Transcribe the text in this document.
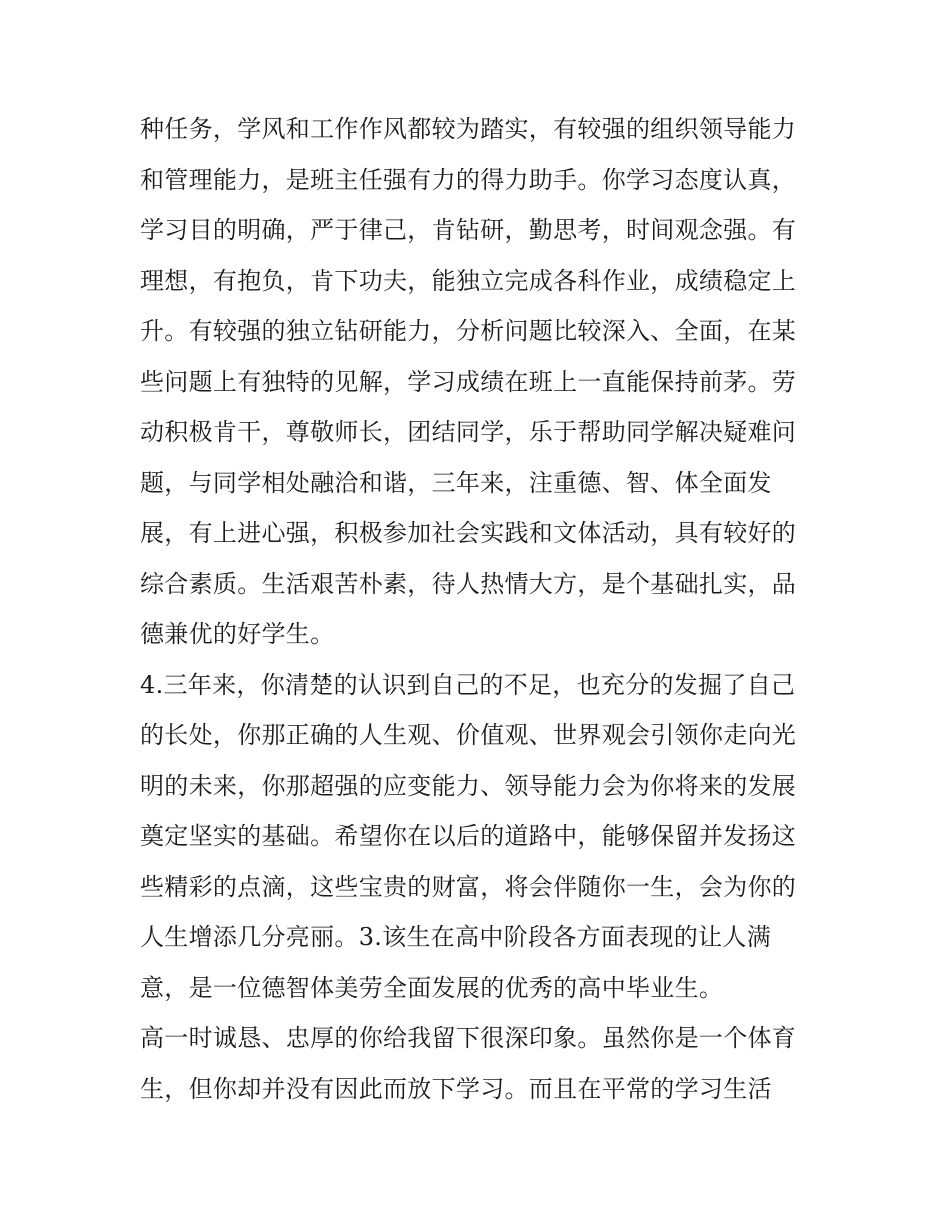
种任务，学风和工作作风都较为踏实，有较强的组织领导能力
和管理能力，是班主任强有力的得力助手。你学习态度认真，
学习目的明确，严于律己，肯钻研，勤思考，时间观念强。有
理想，有抱负，肯下功夫，能独立完成各科作业，成绩稳定上
升。有较强的独立钻研能力，分析问题比较深入、全面，在某
些问题上有独特的见解，学习成绩在班上一直能保持前茅。劳
动积极肯干，尊敬师长，团结同学，乐于帮助同学解决疑难问
题，与同学相处融洽和谐，三年来，注重德、智、体全面发
展，有上进心强，积极参加社会实践和文体活动，具有较好的
综合素质。生活艰苦朴素，待人热情大方，是个基础扎实，品
德兼优的好学生。
4.三年来，你清楚的认识到自己的不足，也充分的发掘了自己
的长处，你那正确的人生观、价值观、世界观会引领你走向光
明的未来，你那超强的应变能力、领导能力会为你将来的发展
奠定坚实的基础。希望你在以后的道路中，能够保留并发扬这
些精彩的点滴，这些宝贵的财富，将会伴随你一生，会为你的
人生增添几分亮丽。3.该生在高中阶段各方面表现的让人满
意，是一位德智体美劳全面发展的优秀的高中毕业生。
高一时诚恳、忠厚的你给我留下很深印象。虽然你是一个体育
生，但你却并没有因此而放下学习。而且在平常的学习生活
